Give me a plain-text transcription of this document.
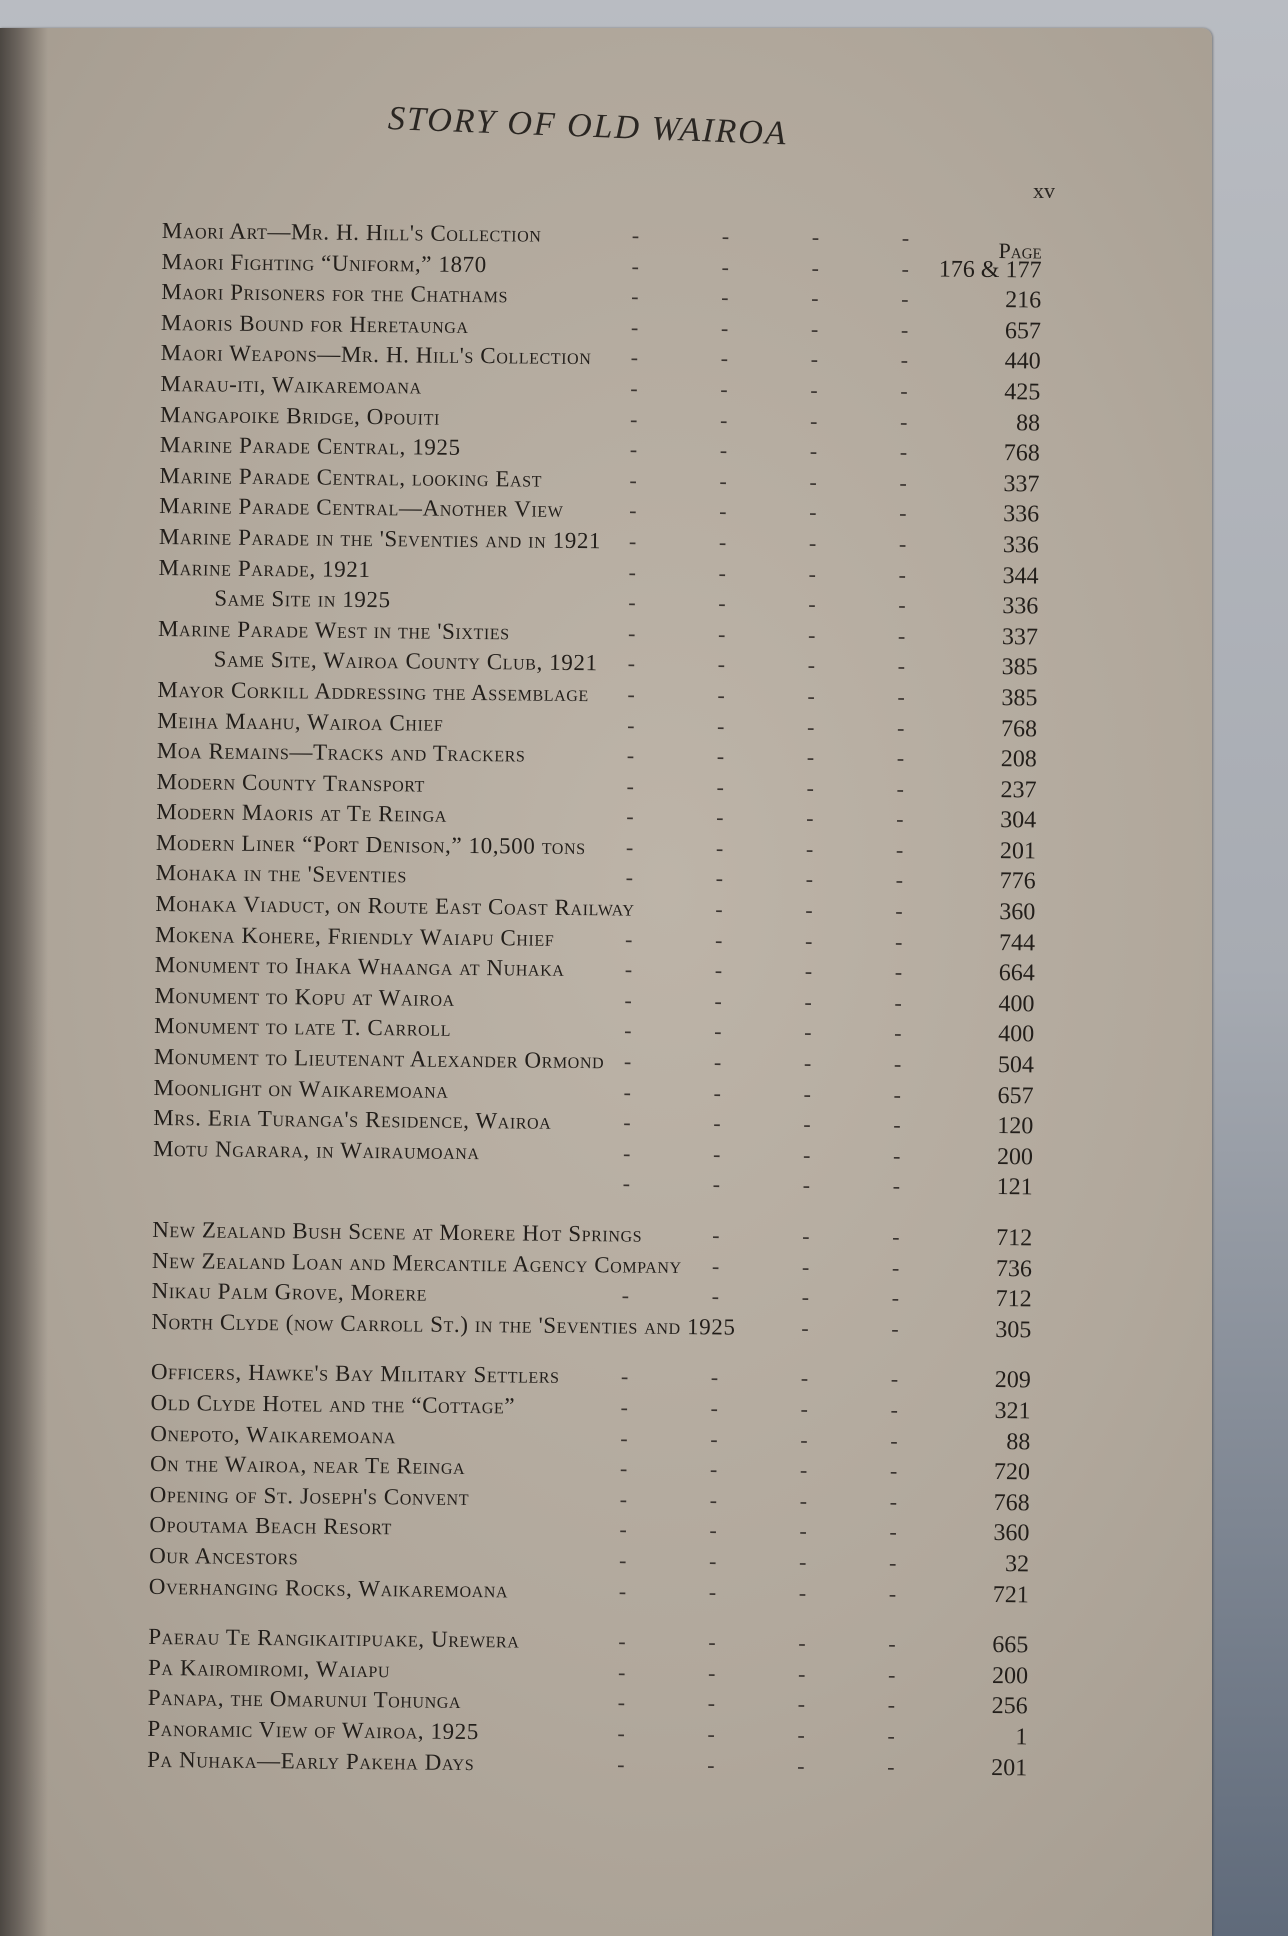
STORY OF OLD WAIROA
xv
Page
Maori Art—Mr. H. Hill's Collection	-	-	-	-
Maori Fighting “Uniform,” 1870	-	-	-	-	176 & 177
Maori Prisoners for the Chathams	-	-	-	-	216
Maoris Bound for Heretaunga	-	-	-	-	657
Maori Weapons—Mr. H. Hill's Collection -	-	-	-	440
Marau-iti, Waikaremoana	-	-	-	-	425
Mangapoike Bridge, Opouiti	-	-	-	-	88
Marine Parade Central, 1925	-	-	-	-	768
Marine Parade Central, looking East	-	-	-	-	337
Marine Parade Central—Another View	-	-	-	-	336
Marine Parade in the 'Seventies and in 1921 -	-	-	-	336
Marine Parade, 1921	-	-	-	-	344
Same Site in 1925	-	-	-	-	336
Marine Parade West in the 'Sixties	-	-	-	-	337
Same Site, Wairoa County Club, 1921 -	-	-	-	385
Mayor Corkill Addressing the Assemblage -	-	-	-	385
Meiha Maahu, Wairoa Chief	-	-	-	-	768
Moa Remains—Tracks and Trackers	-	-	-	-	208
Modern County Transport	-	-	-	-	237
Modern Maoris at Te Reinga	-	-	-	-	304
Modern Liner “Port Denison,” 10,500 tons -	-	-	-	201
Mohaka in the 'Seventies	-	-	-	-	776
Mohaka Viaduct, on Route East Coast Railway	-	-	-	360
Mokena Kohere, Friendly Waiapu Chief	-	-	-	-	744
Monument to Ihaka Whaanga at Nuhaka	-	-	-	-	664
Monument to Kopu at Wairoa	-	-	-	-	400
Monument to late T. Carroll	-	-	-	-	400
Monument to Lieutenant Alexander Ormond -	-	-	-	504
Moonlight on Waikaremoana	-	-	-	-	657
Mrs. Eria Turanga's Residence, Wairoa	-	-	-	-	120
Motu Ngarara, in Wairaumoana	-	-	-	-	200
-	-	-	-	121
New Zealand Bush Scene at Morere Hot Springs	-	-	-	712
New Zealand Loan and Mercantile Agency Company -	-	-	736
Nikau Palm Grove, Morere	-	-	-	-	712
North Clyde (now Carroll St.) in the 'Seventies and 1925	-	-	305
Officers, Hawke's Bay Military Settlers	-	-	-	-	209
Old Clyde Hotel and the “Cottage”	-	-	-	-	321
Onepoto, Waikaremoana	-	-	-	-	88
On the Wairoa, near Te Reinga	-	-	-	-	720
Opening of St. Joseph's Convent	-	-	-	-	768
Opoutama Beach Resort	-	-	-	-	360
Our Ancestors	-	-	-	-	32
Overhanging Rocks, Waikaremoana	-	-	-	-	721
Paerau Te Rangikaitipuake, Urewera	-	-	-	-	665
Pa Kairomiromi, Waiapu	-	-	-	-	200
Panapa, the Omarunui Tohunga	-	-	-	-	256
Panoramic View of Wairoa, 1925	-	-	-	-	1
Pa Nuhaka—Early Pakeha Days	-	-	-	-	201
